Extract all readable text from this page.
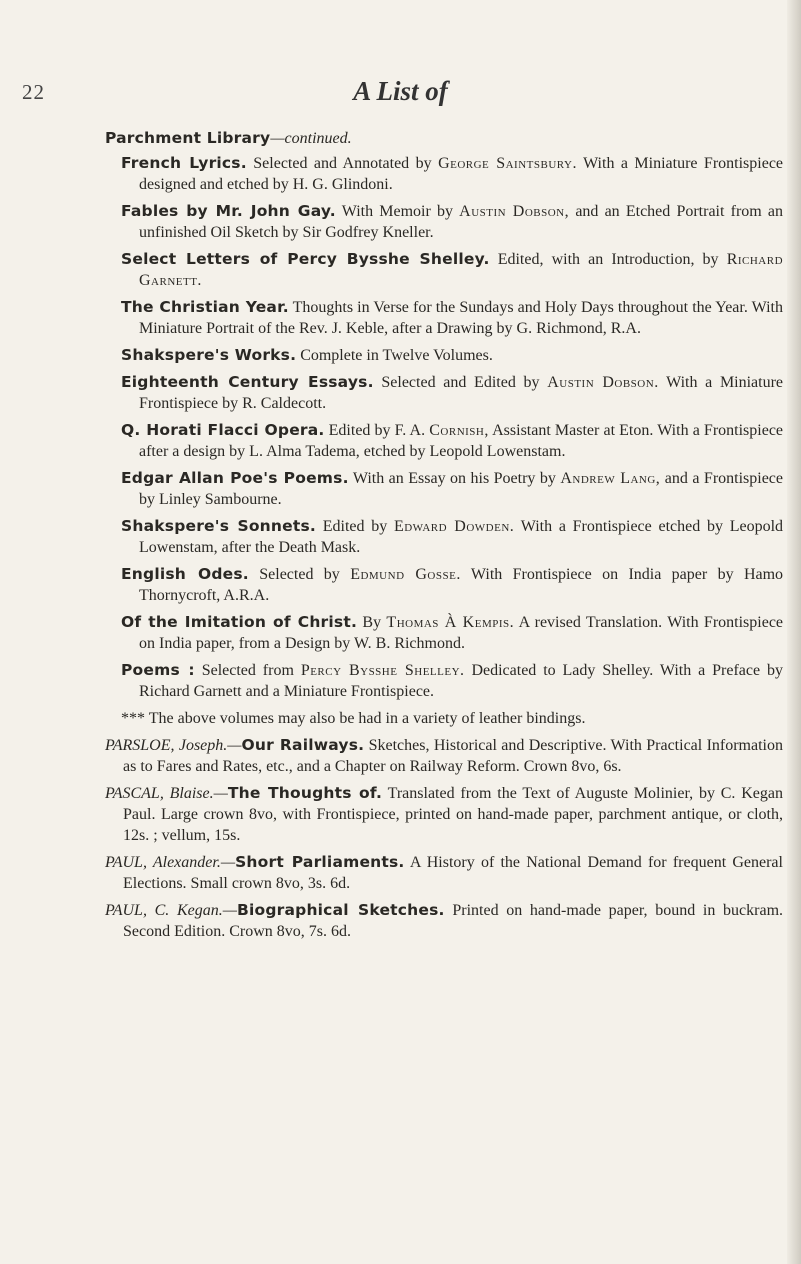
22	A List of

Parchment Library—continued.

French Lyrics. Selected and Annotated by George Saintsbury. With a Miniature Frontispiece designed and etched by H. G. Glindoni.

Fables by Mr. John Gay. With Memoir by Austin Dobson, and an Etched Portrait from an unfinished Oil Sketch by Sir Godfrey Kneller.

Select Letters of Percy Bysshe Shelley. Edited, with an Introduction, by Richard Garnett.

The Christian Year. Thoughts in Verse for the Sundays and Holy Days throughout the Year. With Miniature Portrait of the Rev. J. Keble, after a Drawing by G. Richmond, R.A.

Shakspere's Works. Complete in Twelve Volumes.

Eighteenth Century Essays. Selected and Edited by Austin Dobson. With a Miniature Frontispiece by R. Caldecott.

Q. Horati Flacci Opera. Edited by F. A. Cornish, Assistant Master at Eton. With a Frontispiece after a design by L. Alma Tadema, etched by Leopold Lowenstam.

Edgar Allan Poe's Poems. With an Essay on his Poetry by Andrew Lang, and a Frontispiece by Linley Sambourne.

Shakspere's Sonnets. Edited by Edward Dowden. With a Frontispiece etched by Leopold Lowenstam, after the Death Mask.

English Odes. Selected by Edmund Gosse. With Frontispiece on India paper by Hamo Thornycroft, A.R.A.

Of the Imitation of Christ. By Thomas À Kempis. A revised Translation. With Frontispiece on India paper, from a Design by W. B. Richmond.

Poems : Selected from Percy Bysshe Shelley. Dedicated to Lady Shelley. With a Preface by Richard Garnett and a Miniature Frontispiece.

*** The above volumes may also be had in a variety of leather bindings.

PARSLOE, Joseph.—Our Railways. Sketches, Historical and Descriptive. With Practical Information as to Fares and Rates, etc., and a Chapter on Railway Reform. Crown 8vo, 6s.

PASCAL, Blaise.—The Thoughts of. Translated from the Text of Auguste Molinier, by C. Kegan Paul. Large crown 8vo, with Frontispiece, printed on hand-made paper, parchment antique, or cloth, 12s. ; vellum, 15s.

PAUL, Alexander.—Short Parliaments. A History of the National Demand for frequent General Elections. Small crown 8vo, 3s. 6d.

PAUL, C. Kegan.—Biographical Sketches. Printed on hand-made paper, bound in buckram. Second Edition. Crown 8vo, 7s. 6d.
